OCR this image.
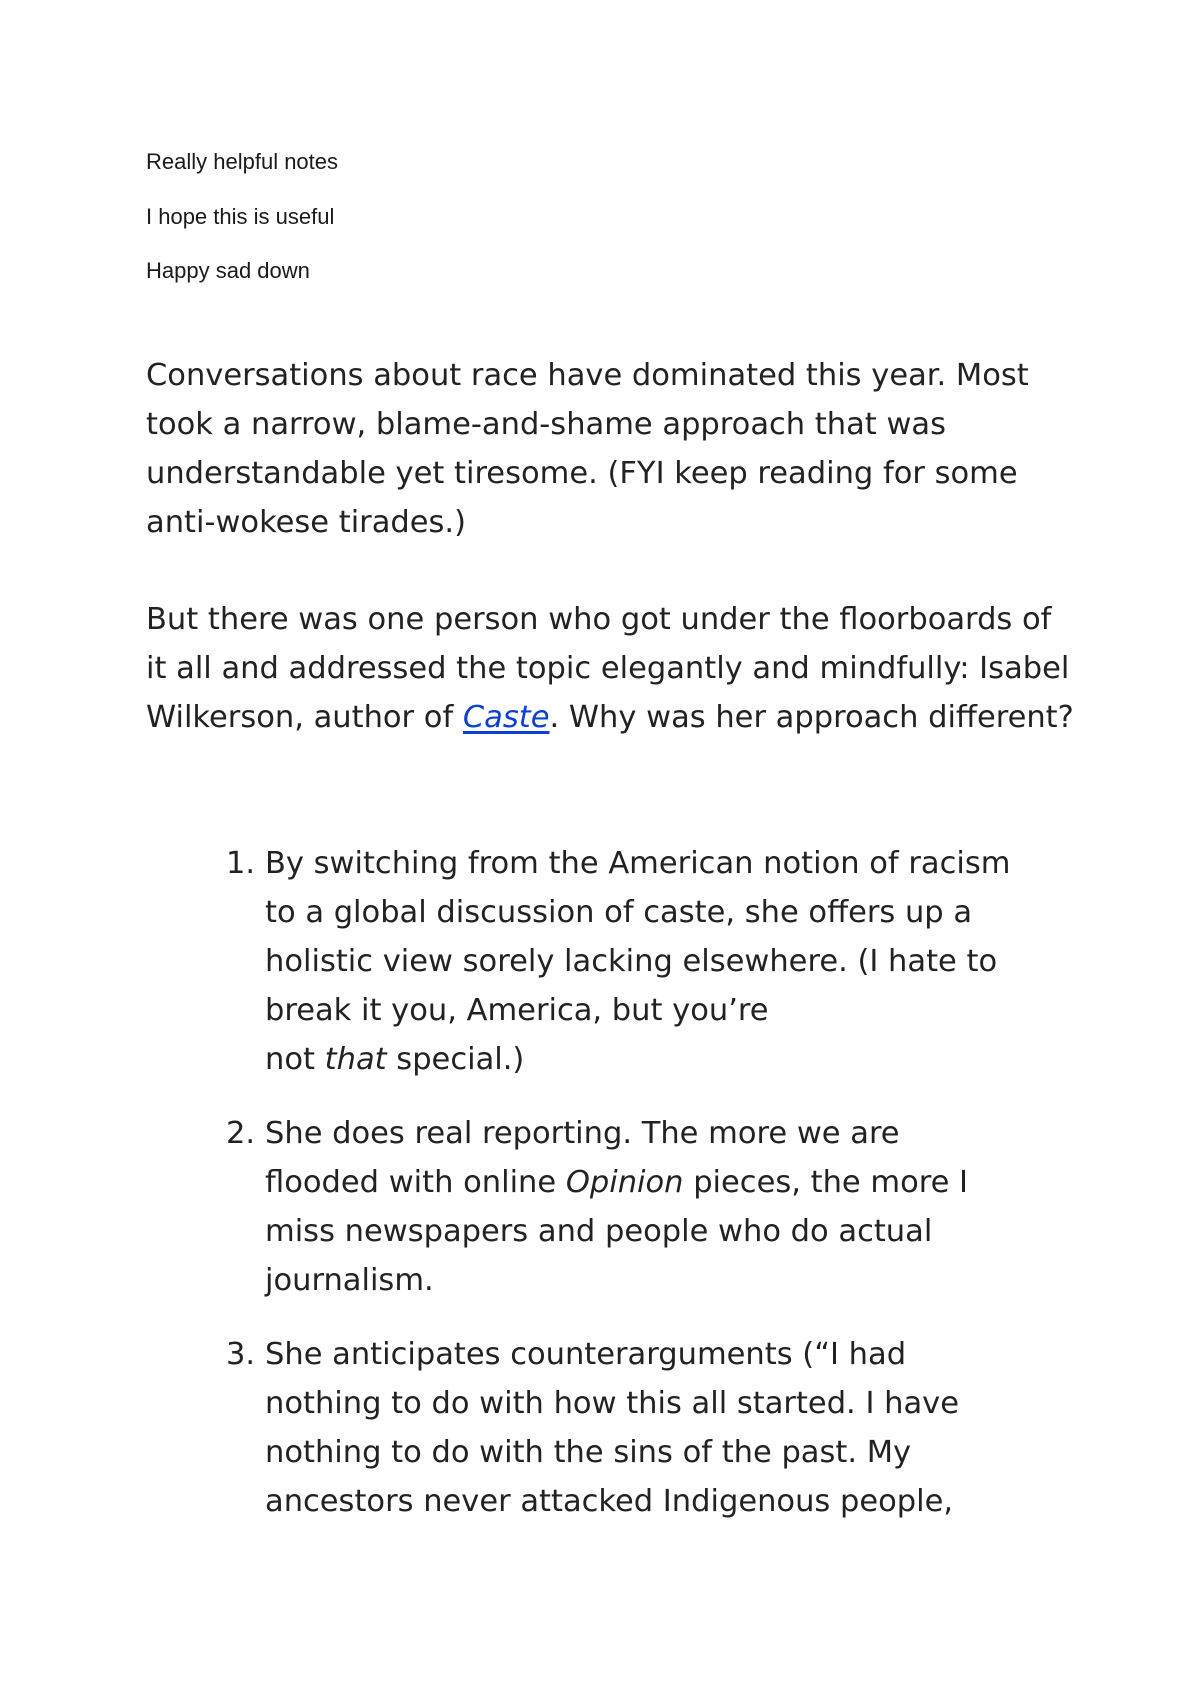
Really helpful notes

I hope this is useful

Happy sad down

Conversations about race have dominated this year. Most took a narrow, blame-and-shame approach that was understandable yet tiresome. (FYI keep reading for some anti-wokese tirades.)

But there was one person who got under the floorboards of it all and addressed the topic elegantly and mindfully: Isabel Wilkerson, author of Caste. Why was her approach different?

1. By switching from the American notion of racism
to a global discussion of caste, she offers up a
holistic view sorely lacking elsewhere. (I hate to
break it you, America, but you’re
not that special.)
2. She does real reporting. The more we are
flooded with online Opinion pieces, the more I
miss newspapers and people who do actual
journalism.
3. She anticipates counterarguments (“I had
nothing to do with how this all started. I have
nothing to do with the sins of the past. My
ancestors never attacked Indigenous people,
